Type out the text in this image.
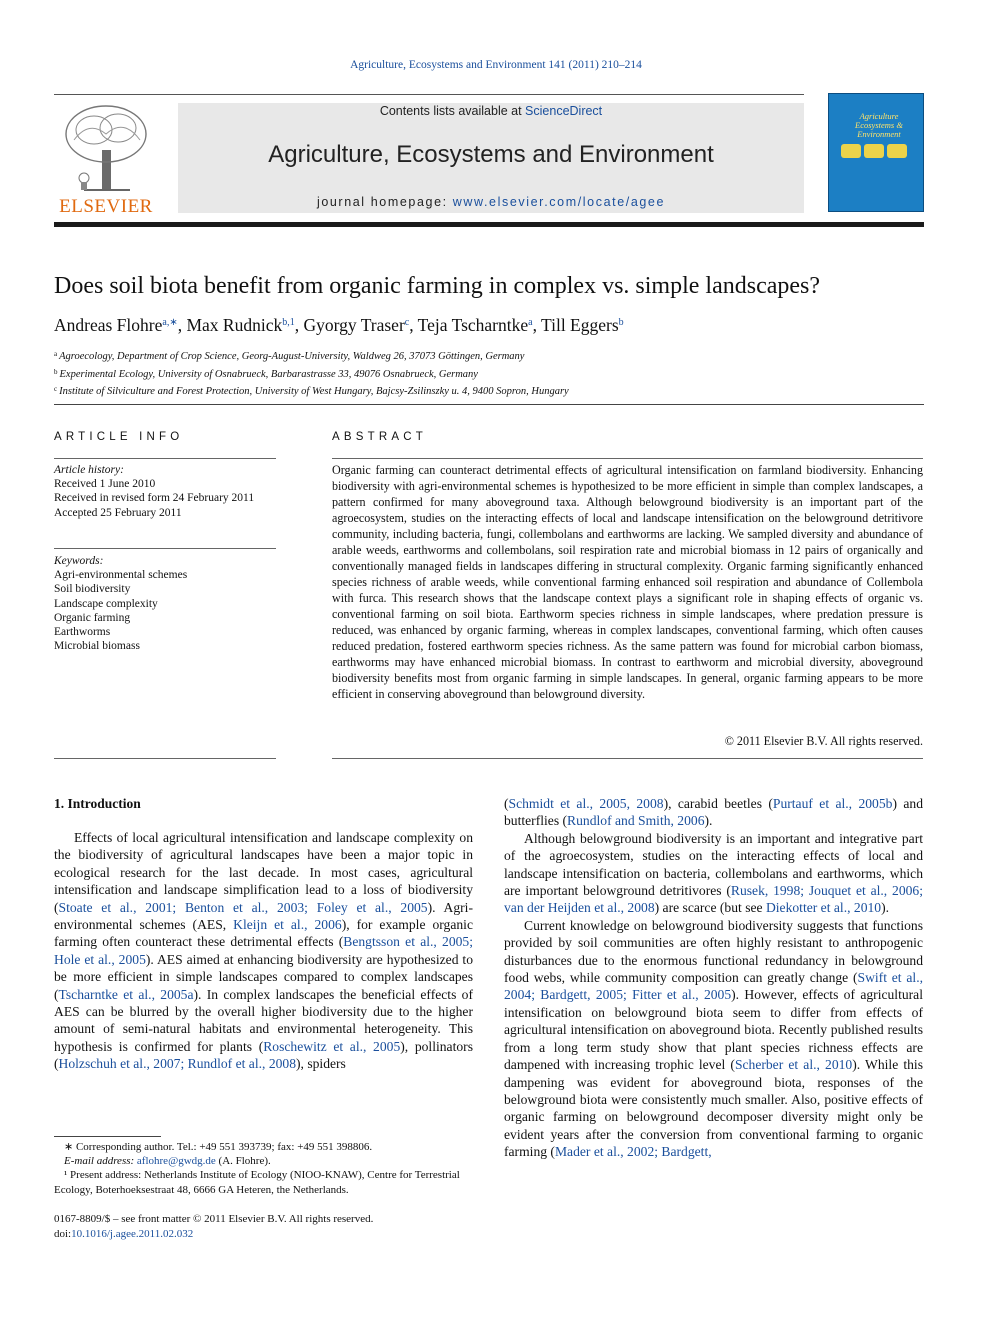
Agriculture, Ecosystems and Environment 141 (2011) 210–214
ELSEVIER
Contents lists available at ScienceDirect
Agriculture, Ecosystems and Environment
journal homepage: www.elsevier.com/locate/agee
Agriculture Ecosystems & Environment
Does soil biota benefit from organic farming in complex vs. simple landscapes?
Andreas Flohre$^{a,∗}$, Max Rudnick$^{b,1}$, Gyorgy Traser$^c$, Teja Tscharntke$^a$, Till Eggers$^b$
$^a$ Agroecology, Department of Crop Science, Georg-August-University, Waldweg 26, 37073 Göttingen, Germany
$^b$ Experimental Ecology, University of Osnabrueck, Barbarastrasse 33, 49076 Osnabrueck, Germany
$^c$ Institute of Silviculture and Forest Protection, University of West Hungary, Bajcsy-Zsilinszky u. 4, 9400 Sopron, Hungary
ARTICLE INFO
Article history:
Received 1 June 2010
Received in revised form 24 February 2011
Accepted 25 February 2011
Keywords:
Agri-environmental schemes
Soil biodiversity
Landscape complexity
Organic farming
Earthworms
Microbial biomass
ABSTRACT
Organic farming can counteract detrimental effects of agricultural intensification on farmland biodiversity. Enhancing biodiversity with agri-environmental schemes is hypothesized to be more efficient in simple than complex landscapes, a pattern confirmed for many aboveground taxa. Although belowground biodiversity is an important part of the agroecosystem, studies on the interacting effects of local and landscape intensification on the belowground detritivore community, including bacteria, fungi, collembolans and earthworms are lacking. We sampled diversity and abundance of arable weeds, earthworms and collembolans, soil respiration rate and microbial biomass in 12 pairs of organically and conventionally managed fields in landscapes differing in structural complexity. Organic farming significantly enhanced species richness of arable weeds, while conventional farming enhanced soil respiration and abundance of Collembola with furca. This research shows that the landscape context plays a significant role in shaping effects of organic vs. conventional farming on soil biota. Earthworm species richness in simple landscapes, where predation pressure is reduced, was enhanced by organic farming, whereas in complex landscapes, conventional farming, which often causes reduced predation, fostered earthworm species richness. As the same pattern was found for microbial carbon biomass, earthworms may have enhanced microbial biomass. In contrast to earthworm and microbial diversity, aboveground biodiversity benefits most from organic farming in simple landscapes. In general, organic farming appears to be more efficient in conserving aboveground than belowground diversity.
© 2011 Elsevier B.V. All rights reserved.
1. Introduction

Effects of local agricultural intensification and landscape complexity on the biodiversity of agricultural landscapes have been a major topic in ecological research for the last decade. In most cases, agricultural intensification and landscape simplification lead to a loss of biodiversity (Stoate et al., 2001; Benton et al., 2003; Foley et al., 2005). Agri-environmental schemes (AES, Kleijn et al., 2006), for example organic farming often counteract these detrimental effects (Bengtsson et al., 2005; Hole et al., 2005). AES aimed at enhancing biodiversity are hypothesized to be more efficient in simple landscapes compared to complex landscapes (Tscharntke et al., 2005a). In complex landscapes the beneficial effects of AES can be blurred by the overall higher biodiversity due to the higher amount of semi-natural habitats and environmental heterogeneity. This hypothesis is confirmed for plants (Roschewitz et al., 2005), pollinators (Holzschuh et al., 2007; Rundlof et al., 2008), spiders

(Schmidt et al., 2005, 2008), carabid beetles (Purtauf et al., 2005b) and butterflies (Rundlof and Smith, 2006).

Although belowground biodiversity is an important and integrative part of the agroecosystem, studies on the interacting effects of local and landscape intensification on bacteria, collembolans and earthworms, which are important belowground detritivores (Rusek, 1998; Jouquet et al., 2006; van der Heijden et al., 2008) are scarce (but see Diekotter et al., 2010).

Current knowledge on belowground biodiversity suggests that functions provided by soil communities are often highly resistant to anthropogenic disturbances due to the enormous functional redundancy in belowground food webs, while community composition can greatly change (Swift et al., 2004; Bardgett, 2005; Fitter et al., 2005). However, effects of agricultural intensification on belowground biota seem to differ from effects of agricultural intensification on aboveground biota. Recently published results from a long term study show that plant species richness effects are dampened with increasing trophic level (Scherber et al., 2010). While this dampening was evident for aboveground biota, responses of the belowground biota were consistently much smaller. Also, positive effects of organic farming on belowground decomposer diversity might only be evident years after the conversion from conventional farming to organic farming (Mader et al., 2002; Bardgett,

∗ Corresponding author. Tel.: +49 551 393739; fax: +49 551 398806.
E-mail address: aflohre@gwdg.de (A. Flohre).
¹ Present address: Netherlands Institute of Ecology (NIOO-KNAW), Centre for Terrestrial Ecology, Boterhoeksestraat 48, 6666 GA Heteren, the Netherlands.
0167-8809/$ – see front matter © 2011 Elsevier B.V. All rights reserved.
doi:10.1016/j.agee.2011.02.032
